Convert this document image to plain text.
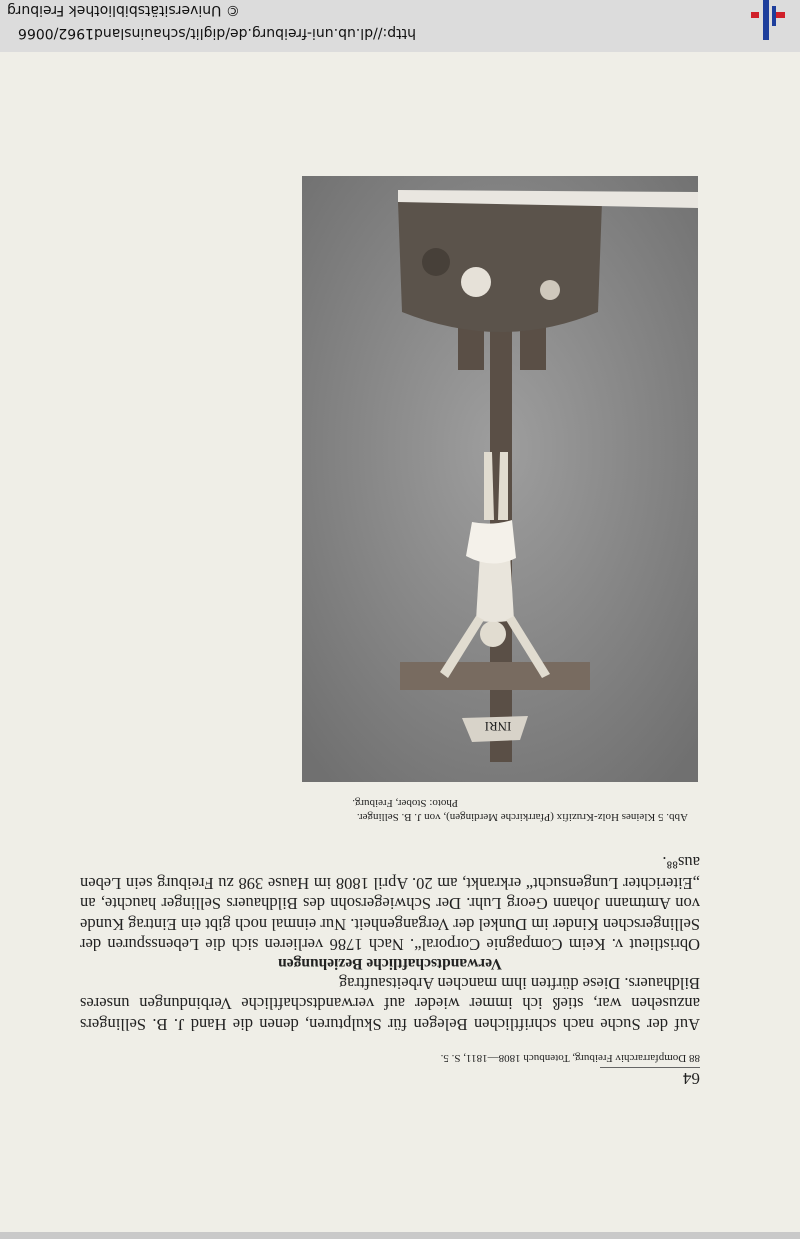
http://dl.ub.uni-freiburg.de/diglit/schauinsland1962/0066
© Universitätsbibliothek Freiburg

64

88 Dompfarrarchiv Freiburg, Totenbuch 1808—1811, S. 5.

Auf der Suche nach schriftlichen Belegen für Skulpturen, denen die Hand J. B. Sellingers anzusehen war, stieß ich immer wieder auf verwandtschaftliche Verbindungen unseres Bildhauers. Diese dürften ihm manchen Arbeitsauftrag

Verwandtschaftliche Beziehungen

Obristlieut v. Keim Compagnie Corporal“. Nach 1786 verlieren sich die Lebensspuren der Sellingerschen Kinder im Dunkel der Vergangenheit. Nur einmal noch gibt ein Eintrag Kunde von Amtmann Johann Georg Luhr. Der Schwiegersohn des Bildhauers Sellinger hauchte, an „Eiterichter Lungensucht“ erkrankt, am 20. April 1808 im Hause 398 zu Freiburg sein Leben aus⁸⁸.

Abb. 5 Kleines Holz-Kruzifix (Pfarrkirche Merdingen), von J. B. Sellinger.
Photo: Stober, Freiburg.
INRI
